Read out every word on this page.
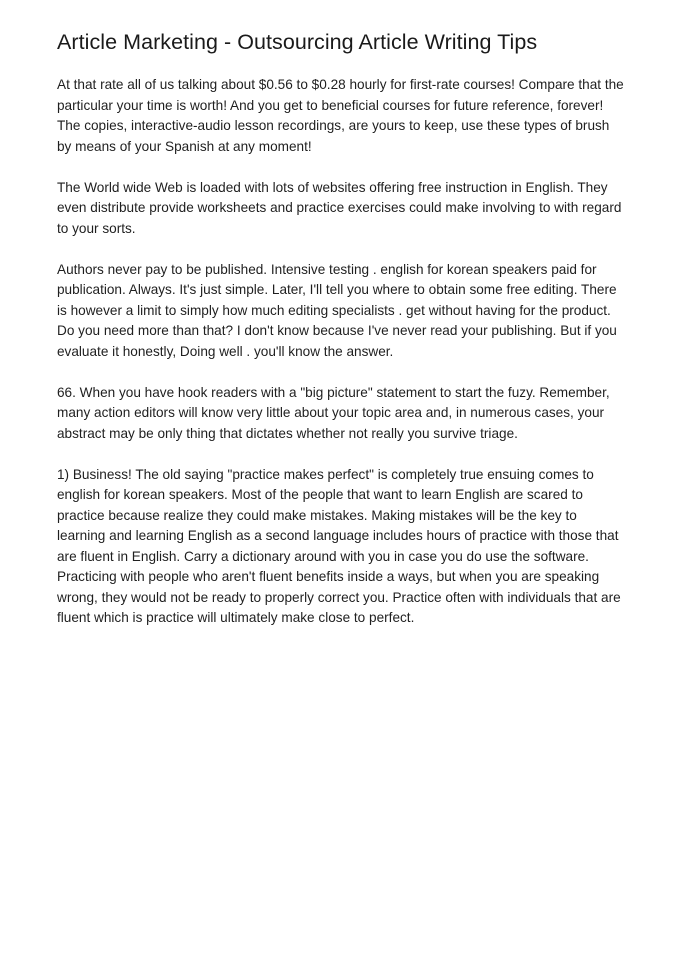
Article Marketing - Outsourcing Article Writing Tips

At that rate all of us talking about $0.56 to $0.28 hourly for first-rate courses! Compare that the particular your time is worth! And you get to beneficial courses for future reference, forever! The copies, interactive-audio lesson recordings, are yours to keep, use these types of brush by means of your Spanish at any moment!

The World wide Web is loaded with lots of websites offering free instruction in English. They even distribute provide worksheets and practice exercises could make involving to with regard to your sorts.

Authors never pay to be published. Intensive testing . english for korean speakers paid for publication. Always. It's just simple. Later, I'll tell you where to obtain some free editing. There is however a limit to simply how much editing specialists . get without having for the product. Do you need more than that? I don't know because I've never read your publishing. But if you evaluate it honestly, Doing well . you'll know the answer.

66. When you have hook readers with a "big picture" statement to start the fuzy. Remember, many action editors will know very little about your topic area and, in numerous cases, your abstract may be only thing that dictates whether not really you survive triage.

1) Business! The old saying "practice makes perfect" is completely true ensuing comes to english for korean speakers. Most of the people that want to learn English are scared to practice because realize they could make mistakes. Making mistakes will be the key to learning and learning English as a second language includes hours of practice with those that are fluent in English. Carry a dictionary around with you in case you do use the software. Practicing with people who aren't fluent benefits inside a ways, but when you are speaking wrong, they would not be ready to properly correct you. Practice often with individuals that are fluent which is practice will ultimately make close to perfect.
